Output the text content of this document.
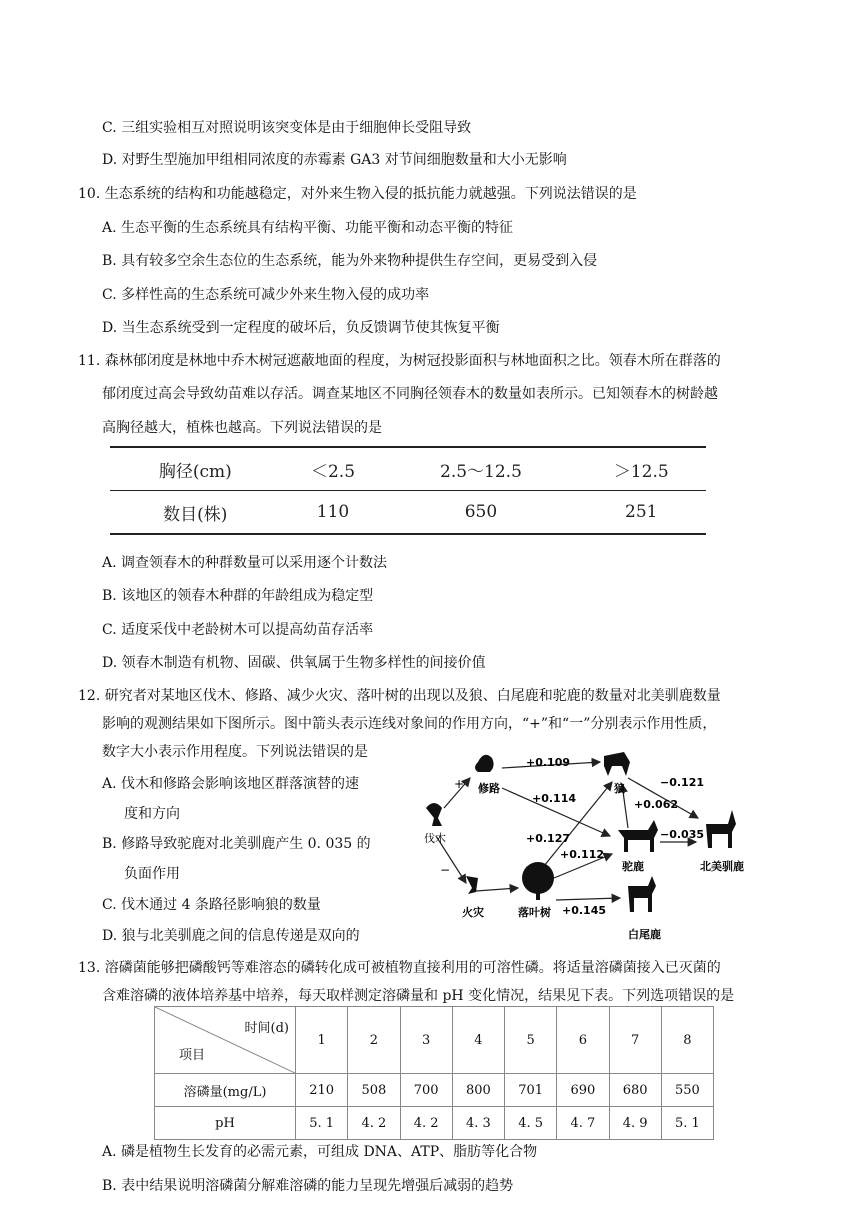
C. 三组实验相互对照说明该突变体是由于细胞伸长受阻导致
D. 对野生型施加甲组相同浓度的赤霉素 GA3 对节间细胞数量和大小无影响
10. 生态系统的结构和功能越稳定，对外来生物入侵的抵抗能力就越强。下列说法错误的是
A. 生态平衡的生态系统具有结构平衡、功能平衡和动态平衡的特征
B. 具有较多空余生态位的生态系统，能为外来物种提供生存空间，更易受到入侵
C. 多样性高的生态系统可减少外来生物入侵的成功率
D. 当生态系统受到一定程度的破坏后，负反馈调节使其恢复平衡
11. 森林郁闭度是林地中乔木树冠遮蔽地面的程度，为树冠投影面积与林地面积之比。领春木所在群落的
郁闭度过高会导致幼苗难以存活。调查某地区不同胸径领春木的数量如表所示。已知领春木的树龄越
高胸径越大，植株也越高。下列说法错误的是
胸径(cm)	＜2.5	2.5～12.5	＞12.5
数目(株)	110	650	251
A. 调查领春木的种群数量可以采用逐个计数法
B. 该地区的领春木种群的年龄组成为稳定型
C. 适度采伐中老龄树木可以提高幼苗存活率
D. 领春木制造有机物、固碳、供氧属于生物多样性的间接价值
12. 研究者对某地区伐木、修路、减少火灾、落叶树的出现以及狼、白尾鹿和驼鹿的数量对北美驯鹿数量
影响的观测结果如下图所示。图中箭头表示连线对象间的作用方向，“+”和“一”分别表示作用性质，
数字大小表示作用程度。下列说法错误的是
A. 伐木和修路会影响该地区群落演替的速
度和方向
B. 修路导致驼鹿对北美驯鹿产生 0. 035 的
负面作用
C. 伐木通过 4 条路径影响狼的数量
D. 狼与北美驯鹿之间的信息传递是双向的
伐木
修路
火灾	落叶树
狼
驼鹿	北美驯鹿
白尾鹿
+0.109
+0.114
−0.121
+0.062
−0.035
+0.127
+0.112
+0.145
+
−
13. 溶磷菌能够把磷酸钙等难溶态的磷转化成可被植物直接利用的可溶性磷。将适量溶磷菌接入已灭菌的
含难溶磷的液体培养基中培养，每天取样测定溶磷量和 pH 变化情况，结果见下表。下列选项错误的是
时间(d)
项目	1	2	3	4	5	6	7	8
溶磷量(mg/L)	210	508	700	800	701	690	680	550
pH	5. 1	4. 2	4. 2	4. 3	4. 5	4. 7	4. 9	5. 1
A. 磷是植物生长发育的必需元素，可组成 DNA、ATP、脂肪等化合物
B. 表中结果说明溶磷菌分解难溶磷的能力呈现先增强后减弱的趋势
